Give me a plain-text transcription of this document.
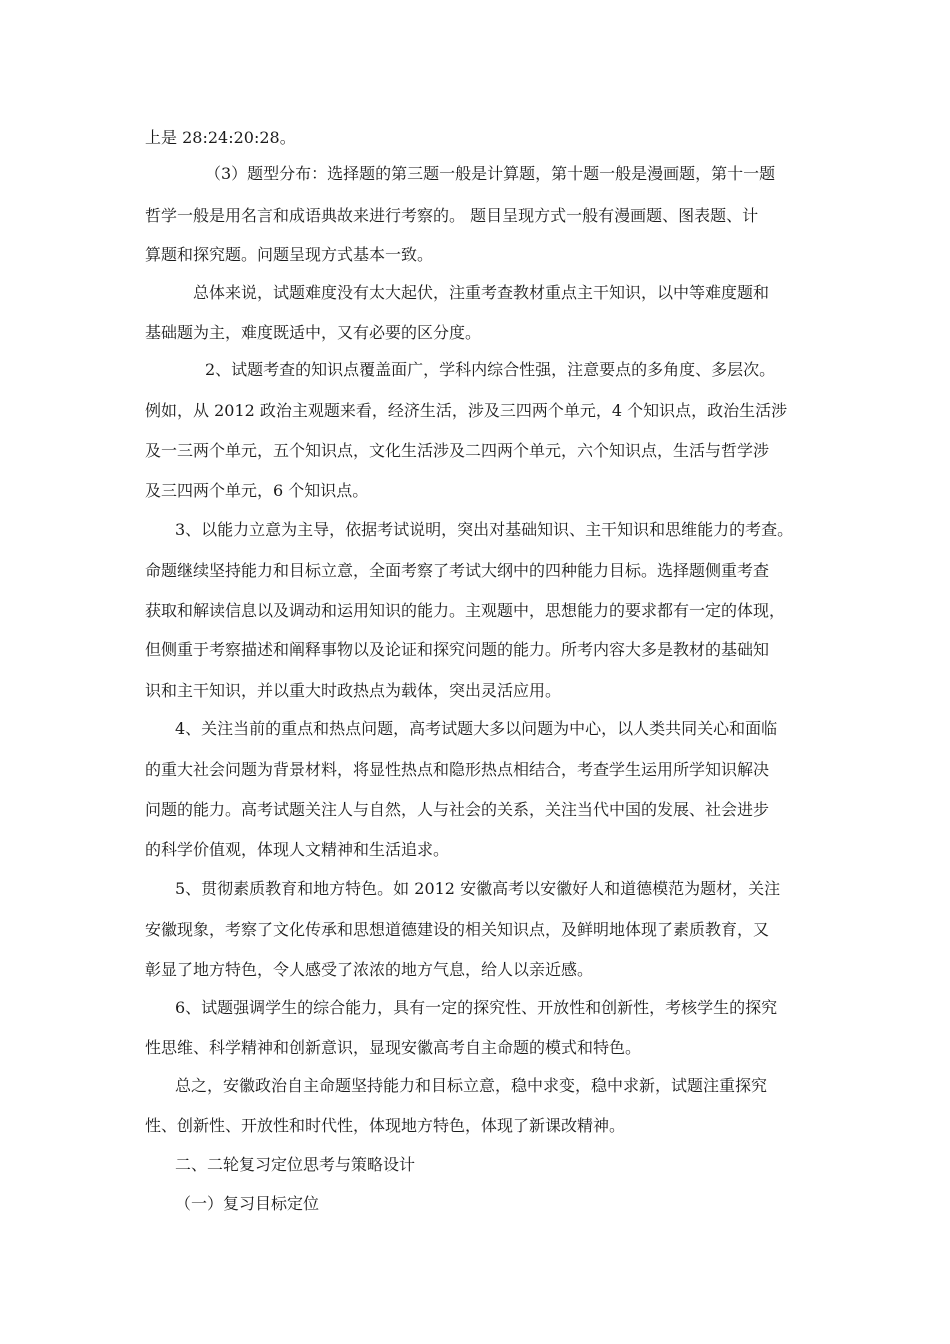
上是 28:24:20:28。
（3）题型分布：选择题的第三题一般是计算题，第十题一般是漫画题，第十一题
哲学一般是用名言和成语典故来进行考察的。 题目呈现方式一般有漫画题、图表题、计
算题和探究题。问题呈现方式基本一致。
总体来说，试题难度没有太大起伏，注重考查教材重点主干知识，以中等难度题和
基础题为主，难度既适中，又有必要的区分度。
2、试题考查的知识点覆盖面广，学科内综合性强，注意要点的多角度、多层次。
例如，从 2012 政治主观题来看，经济生活，涉及三四两个单元，4 个知识点，政治生活涉
及一三两个单元，五个知识点，文化生活涉及二四两个单元，六个知识点，生活与哲学涉
及三四两个单元，6 个知识点。
3、以能力立意为主导，依据考试说明，突出对基础知识、主干知识和思维能力的考查。
命题继续坚持能力和目标立意，全面考察了考试大纲中的四种能力目标。选择题侧重考查
获取和解读信息以及调动和运用知识的能力。主观题中，思想能力的要求都有一定的体现，
但侧重于考察描述和阐释事物以及论证和探究问题的能力。所考内容大多是教材的基础知
识和主干知识，并以重大时政热点为载体，突出灵活应用。
4、关注当前的重点和热点问题，高考试题大多以问题为中心，以人类共同关心和面临
的重大社会问题为背景材料，将显性热点和隐形热点相结合，考查学生运用所学知识解决
问题的能力。高考试题关注人与自然，人与社会的关系，关注当代中国的发展、社会进步
的科学价值观，体现人文精神和生活追求。
5、贯彻素质教育和地方特色。如 2012 安徽高考以安徽好人和道德模范为题材，关注
安徽现象，考察了文化传承和思想道德建设的相关知识点，及鲜明地体现了素质教育，又
彰显了地方特色，令人感受了浓浓的地方气息，给人以亲近感。
6、试题强调学生的综合能力，具有一定的探究性、开放性和创新性，考核学生的探究
性思维、科学精神和创新意识，显现安徽高考自主命题的模式和特色。
总之，安徽政治自主命题坚持能力和目标立意，稳中求变，稳中求新，试题注重探究
性、创新性、开放性和时代性，体现地方特色，体现了新课改精神。
二、二轮复习定位思考与策略设计
（一）复习目标定位
